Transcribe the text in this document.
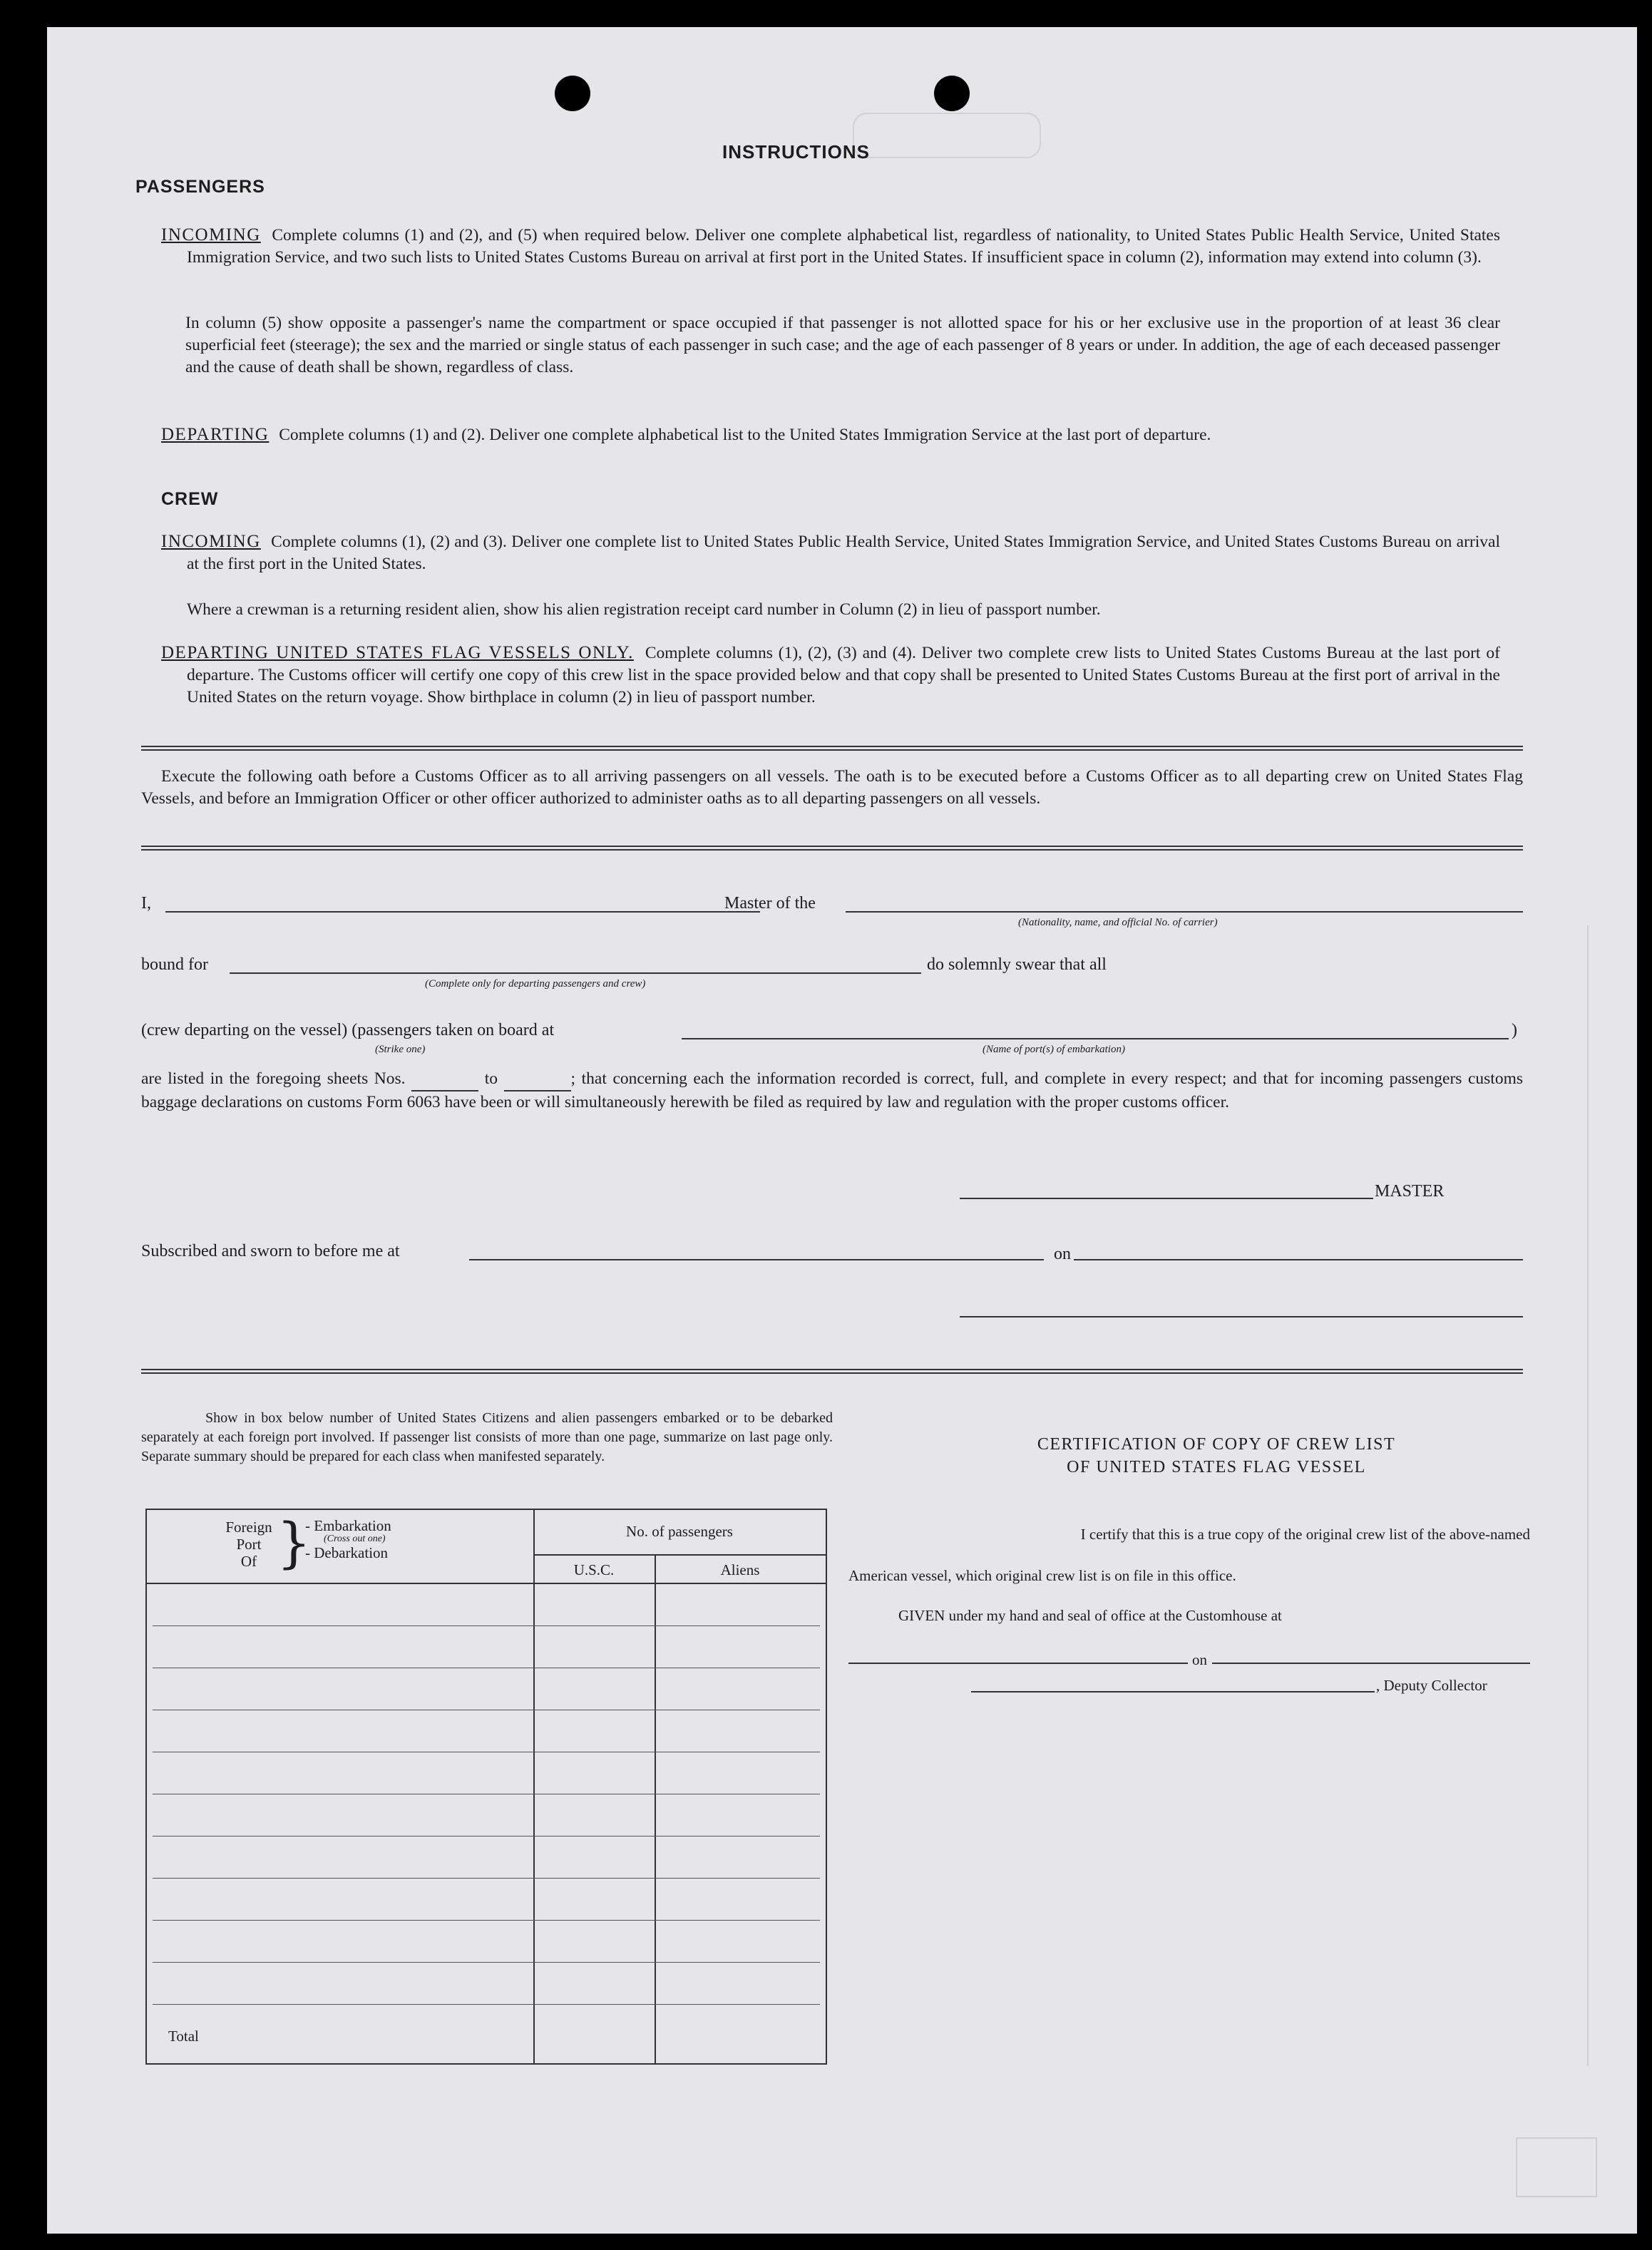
INSTRUCTIONS
PASSENGERS
INCOMING Complete columns (1) and (2), and (5) when required below. Deliver one complete alphabetical list, regardless of nationality, to United States Public Health Service, United States Immigration Service, and two such lists to United States Customs Bureau on arrival at first port in the United States. If insufficient space in column (2), information may extend into column (3).
In column (5) show opposite a passenger's name the compartment or space occupied if that passenger is not allotted space for his or her exclusive use in the proportion of at least 36 clear superficial feet (steerage); the sex and the married or single status of each passenger in such case; and the age of each passenger of 8 years or under. In addition, the age of each deceased passenger and the cause of death shall be shown, regardless of class.
DEPARTING Complete columns (1) and (2). Deliver one complete alphabetical list to the United States Immigration Service at the last port of departure.
CREW
INCOMING Complete columns (1), (2) and (3). Deliver one complete list to United States Public Health Service, United States Immigration Service, and United States Customs Bureau on arrival at the first port in the United States.
Where a crewman is a returning resident alien, show his alien registration receipt card number in Column (2) in lieu of passport number.
DEPARTING UNITED STATES FLAG VESSELS ONLY. Complete columns (1), (2), (3) and (4). Deliver two complete crew lists to United States Customs Bureau at the last port of departure. The Customs officer will certify one copy of this crew list in the space provided below and that copy shall be presented to United States Customs Bureau at the first port of arrival in the United States on the return voyage. Show birthplace in column (2) in lieu of passport number.
Execute the following oath before a Customs Officer as to all arriving passengers on all vessels. The oath is to be executed before a Customs Officer as to all departing crew on United States Flag Vessels, and before an Immigration Officer or other officer authorized to administer oaths as to all departing passengers on all vessels.
I,	Master of the
(Nationality, name, and official No. of carrier)
bound for
(Complete only for departing passengers and crew)
do solemnly swear that all
(crew departing on the vessel) (passengers taken on board at	)
(Strike one)	(Name of port(s) of embarkation)
are listed in the foregoing sheets Nos.	to	; that concerning each the information recorded is correct, full, and complete in every respect; and that for incoming passengers customs baggage declarations on customs Form 6063 have been or will simultaneously herewith be filed as required by law and regulation with the proper customs officer.
MASTER
Subscribed and sworn to before me at	on
Show in box below number of United States Citizens and alien passengers embarked or to be debarked separately at each foreign port involved. If passenger list consists of more than one page, summarize on last page only. Separate summary should be prepared for each class when manifested separately.
Foreign
Port
Of }
- Embarkation
(Cross out one)
- Debarkation
No. of passengers
U.S.C.	Aliens
Total
CERTIFICATION OF COPY OF CREW LIST
OF UNITED STATES FLAG VESSEL
I certify that this is a true copy of the original crew list of the above-named
American vessel, which original crew list is on file in this office.
GIVEN under my hand and seal of office at the Customhouse at
on
, Deputy Collector
